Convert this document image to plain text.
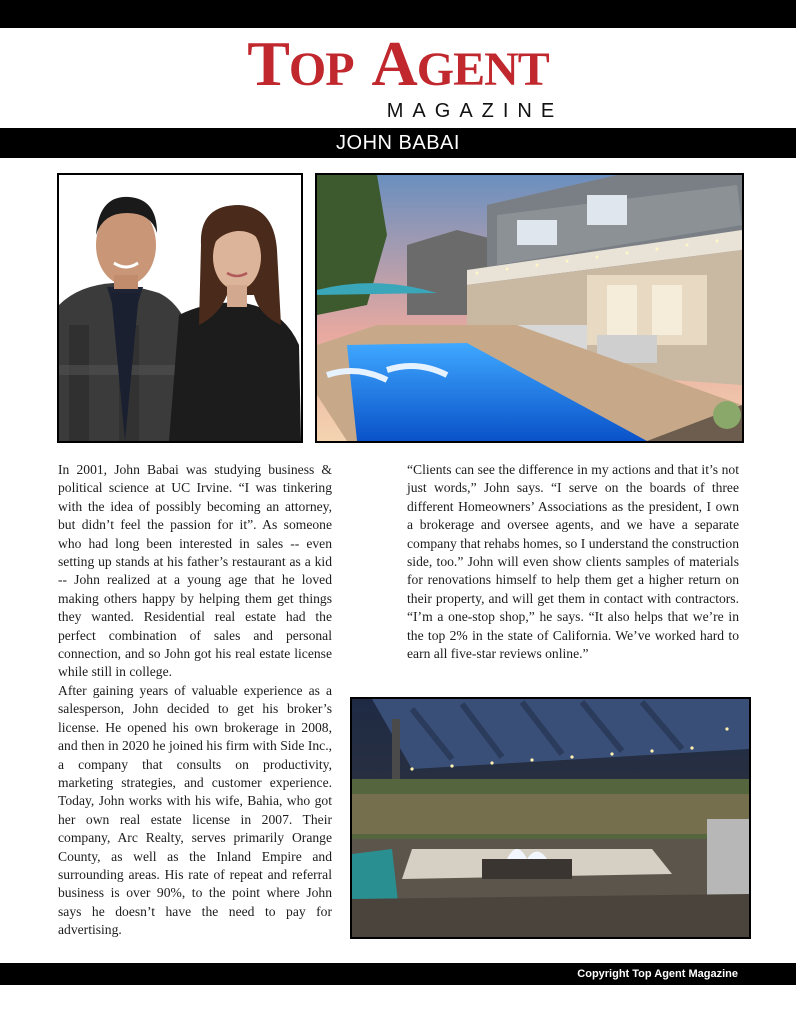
TOP AGENT
MAGAZINE
JOHN BABAI

In 2001, John Babai was studying business & political science at UC Irvine. “I was tinkering with the idea of possibly becoming an attorney, but didn’t feel the passion for it”. As someone who had long been interested in sales -- even setting up stands at his father’s restaurant as a kid -- John realized at a young age that he loved making others happy by helping them get things they wanted. Residential real estate had the perfect combination of sales and personal connection, and so John got his real estate license while still in college.

After gaining years of valuable experience as a salesperson, John decided to get his broker’s license. He opened his own brokerage in 2008, and then in 2020 he joined his firm with Side Inc., a company that consults on productivity, marketing strategies, and customer experience. Today, John works with his wife, Bahia, who got her own real estate license in 2007. Their company, Arc Realty, serves primarily Orange County, as well as the Inland Empire and surrounding areas. His rate of repeat and referral business is over 90%, to the point where John says he doesn’t have the need to pay for advertising.

“Clients can see the difference in my actions and that it’s not just words,” John says. “I serve on the boards of three different Homeowners’ Associations as the president, I own a brokerage and oversee agents, and we have a separate company that rehabs homes, so I understand the construction side, too.” John will even show clients samples of materials for renovations himself to help them get a higher return on their property, and will get them in contact with contractors. “I’m a one-stop shop,” he says. “It also helps that we’re in the top 2% in the state of California. We’ve worked hard to earn all five-star reviews online.”

Copyright Top Agent Magazine
